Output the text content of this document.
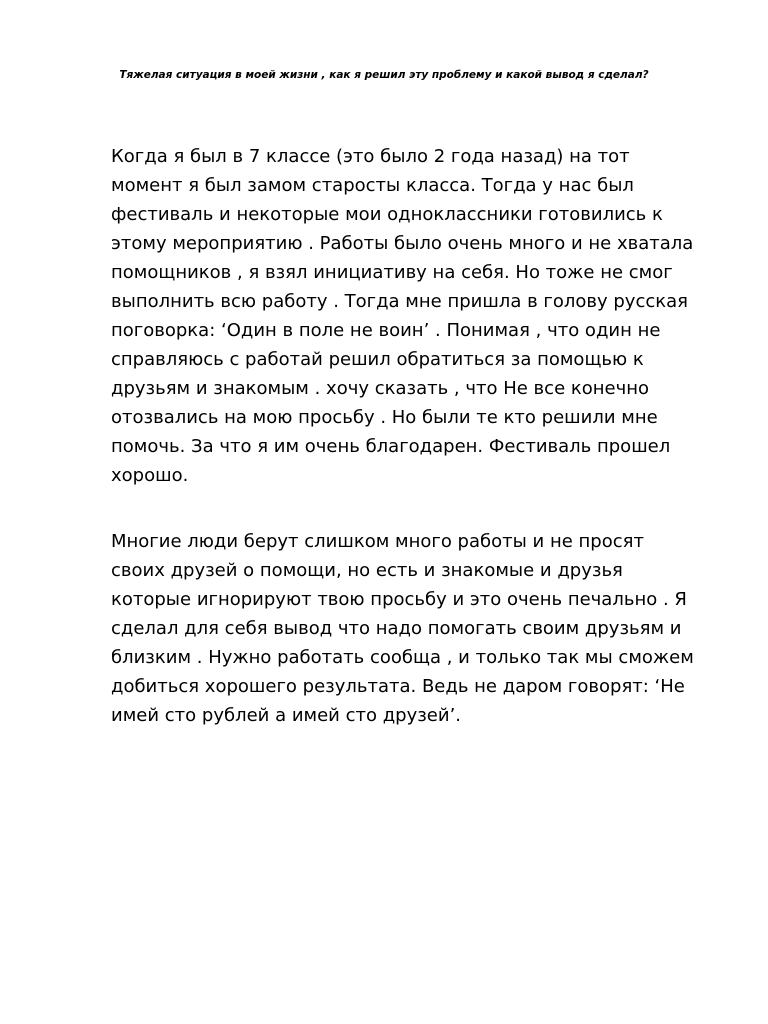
Тяжелая ситуация в моей жизни , как я решил эту проблему и какой вывод я сделал?

Когда я был в 7 классе (это было 2 года назад) на тот
момент я был замом старосты класса. Тогда у нас был
фестиваль и некоторые мои одноклассники готовились к
этому мероприятию . Работы было очень много и не хватала
помощников , я взял инициативу на себя. Но тоже не смог
выполнить всю работу . Тогда мне пришла в голову русская
поговорка: ‘Один в поле не воин’ . Понимая , что один не
справляюсь с работай решил обратиться за помощью к
друзьям и знакомым . хочу сказать , что Не все конечно
отозвались на мою просьбу . Но были те кто решили мне
помочь. За что я им очень благодарен. Фестиваль прошел
хорошо.

Многие люди берут слишком много работы и не просят
своих друзей о помощи, но есть и знакомые и друзья
которые игнорируют твою просьбу и это очень печально . Я
сделал для себя вывод что надо помогать своим друзьям и
близким . Нужно работать сообща , и только так мы сможем
добиться хорошего результата. Ведь не даром говорят: ‘Не
имей сто рублей а имей сто друзей’.
